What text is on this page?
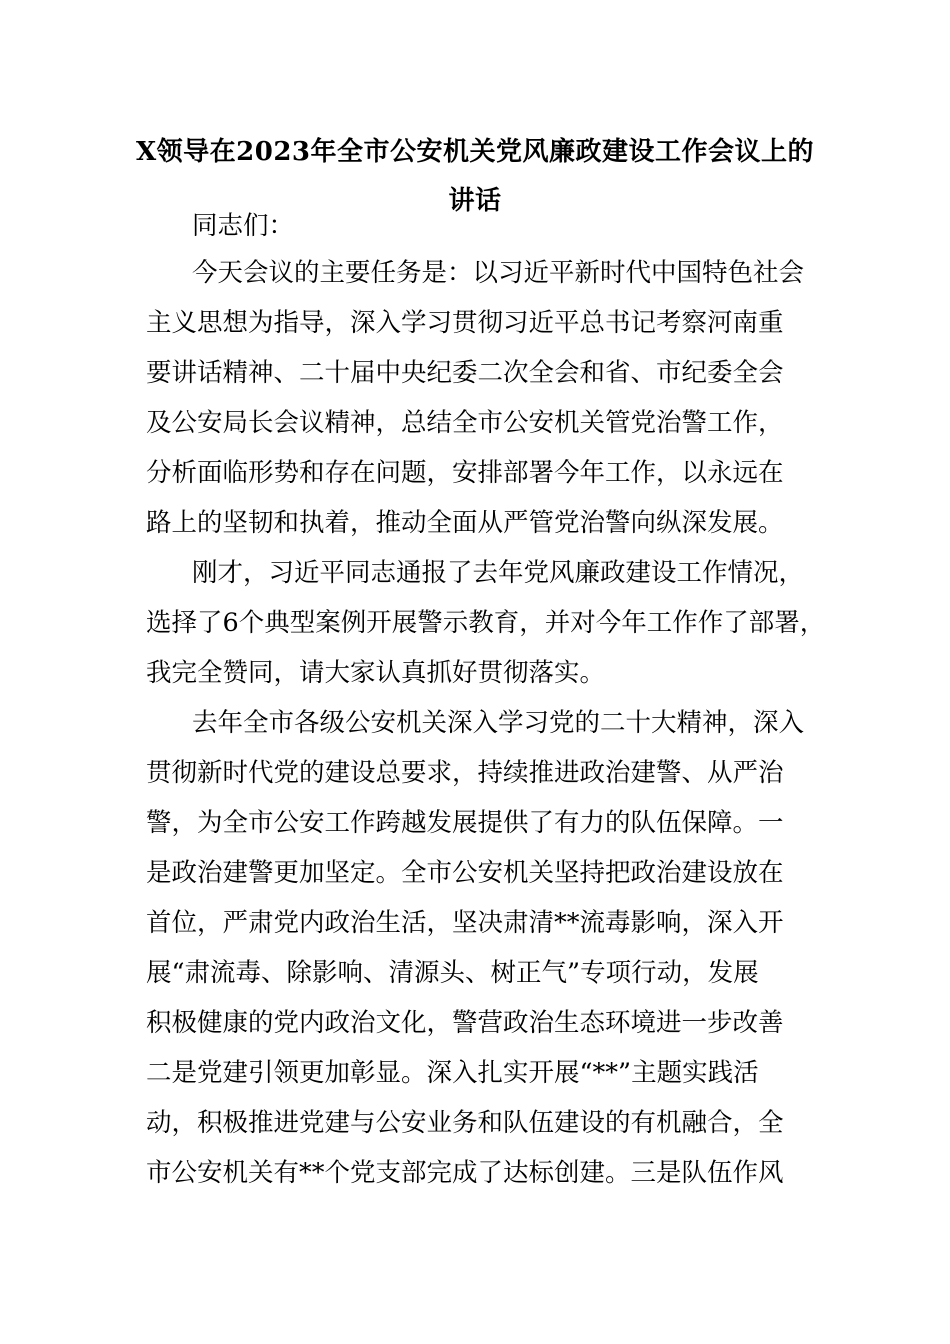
X领导在2023年全市公安机关党风廉政建设工作会议上的
讲话
同志们：
今天会议的主要任务是：以习近平新时代中国特色社会
主义思想为指导，深入学习贯彻习近平总书记考察河南重
要讲话精神、二十届中央纪委二次全会和省、市纪委全会
及公安局长会议精神，总结全市公安机关管党治警工作，
分析面临形势和存在问题，安排部署今年工作，以永远在
路上的坚韧和执着，推动全面从严管党治警向纵深发展。
刚才，习近平同志通报了去年党风廉政建设工作情况，
选择了6个典型案例开展警示教育，并对今年工作作了部署，
我完全赞同，请大家认真抓好贯彻落实。
去年全市各级公安机关深入学习党的二十大精神，深入
贯彻新时代党的建设总要求，持续推进政治建警、从严治
警，为全市公安工作跨越发展提供了有力的队伍保障。一
是政治建警更加坚定。全市公安机关坚持把政治建设放在
首位，严肃党内政治生活，坚决肃清**流毒影响，深入开
展“肃流毒、除影响、清源头、树正气”专项行动，发展
积极健康的党内政治文化，警营政治生态环境进一步改善
二是党建引领更加彰显。深入扎实开展“**”主题实践活
动，积极推进党建与公安业务和队伍建设的有机融合，全
市公安机关有**个党支部完成了达标创建。三是队伍作风
